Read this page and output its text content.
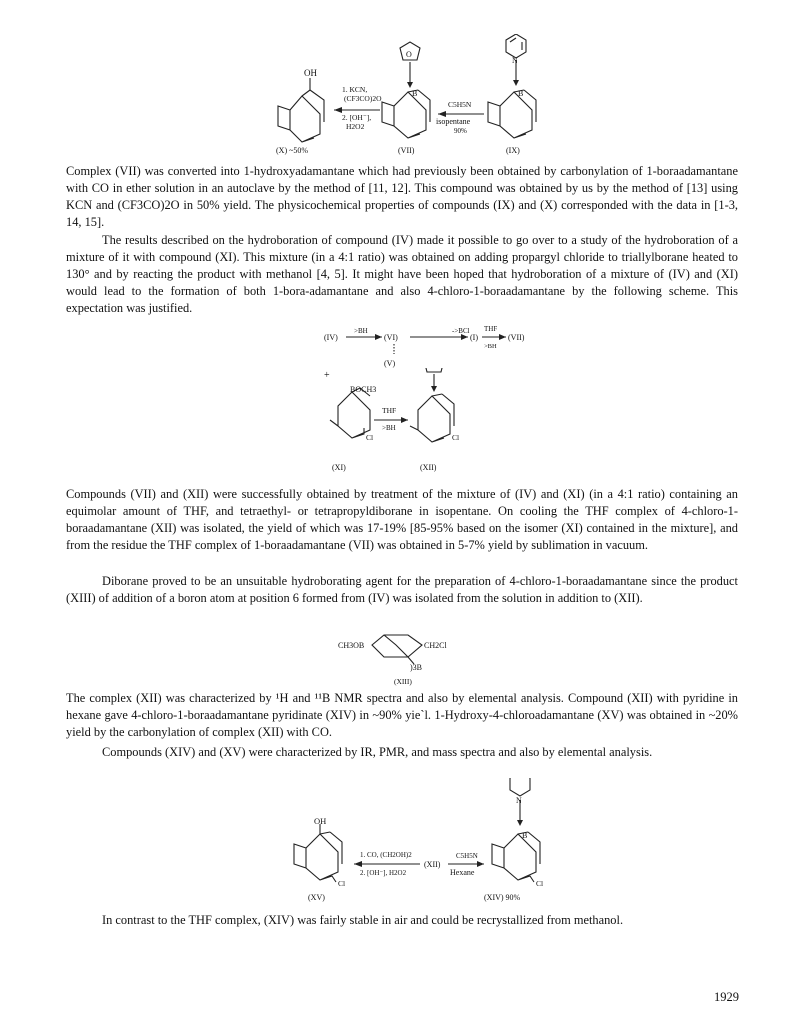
OH
1. KCN,
(CF3CO)2O
2. [OH⁻],
H2O2
O
B
C5H5N
isopentane
90%
N
B
(X) ~50%	(VII)	(IX)

Complex (VII) was converted into 1-hydroxyadamantane which had previously been obtained by carbonylation of 1-boraadamantane with CO in ether solution in an autoclave by the method of [11, 12]. This compound was obtained by us by the method of [13] using KCN and (CF3CO)2O in 50% yield. The physicochemical properties of compounds (IX) and (X) corresponded with the data in [1-3, 14, 15].

The results described on the hydroboration of compound (IV) made it possible to go over to a study of the hydroboration of a mixture of it with compound (XI). This mixture (in a 4:1 ratio) was obtained on adding propargyl chloride to triallylborane heated to 130° and by reacting the product with methanol [4, 5]. It might have been hoped that hydroboration of a mixture of (IV) and (XI) would lead to the formation of both 1-bora-adamantane and also 4-chloro-1-boraadamantane by the following scheme. This expectation was justified.

(IV)
>BH
(VI)
->BCl
(I)
THF
>BH
(VII)
(V)
+
BOCH3
Cl
THF
>BH
Cl
(XI)	(XII)

Compounds (VII) and (XII) were successfully obtained by treatment of the mixture of (IV) and (XI) (in a 4:1 ratio) containing an equimolar amount of THF, and tetraethyl- or tetrapropyldiborane in isopentane. On cooling the THF complex of 4-chloro-1-boraadamantane (XII) was isolated, the yield of which was 17-19% [85-95% based on the isomer (XI) contained in the mixture], and from the residue the THF complex of 1-boraadamantane (VII) was obtained in 5-7% yield by sublimation in vacuum.

Diborane proved to be an unsuitable hydroborating agent for the preparation of 4-chloro-1-boraadamantane since the product (XIII) of addition of a boron atom at position 6 formed from (IV) was isolated from the solution in addition to (XII).

CH3OB	CH2Cl
)3B
(XIII)

The complex (XII) was characterized by ¹H and ¹¹B NMR spectra and also by elemental analysis. Compound (XII) with pyridine in hexane gave 4-chloro-1-boraadamantane pyridinate (XIV) in ~90% yie`l. 1-Hydroxy-4-chloroadamantane (XV) was obtained in ~20% yield by the carbonylation of complex (XII) with CO.

Compounds (XIV) and (XV) were characterized by IR, PMR, and mass spectra and also by elemental analysis.

OH
Cl
1. CO, (CH2OH)2
2. [OH⁻], H2O2
(XII)
C5H5N
Hexane
N
B
Cl
(XV)	(XIV) 90%

In contrast to the THF complex, (XIV) was fairly stable in air and could be recrystallized from methanol.

1929
